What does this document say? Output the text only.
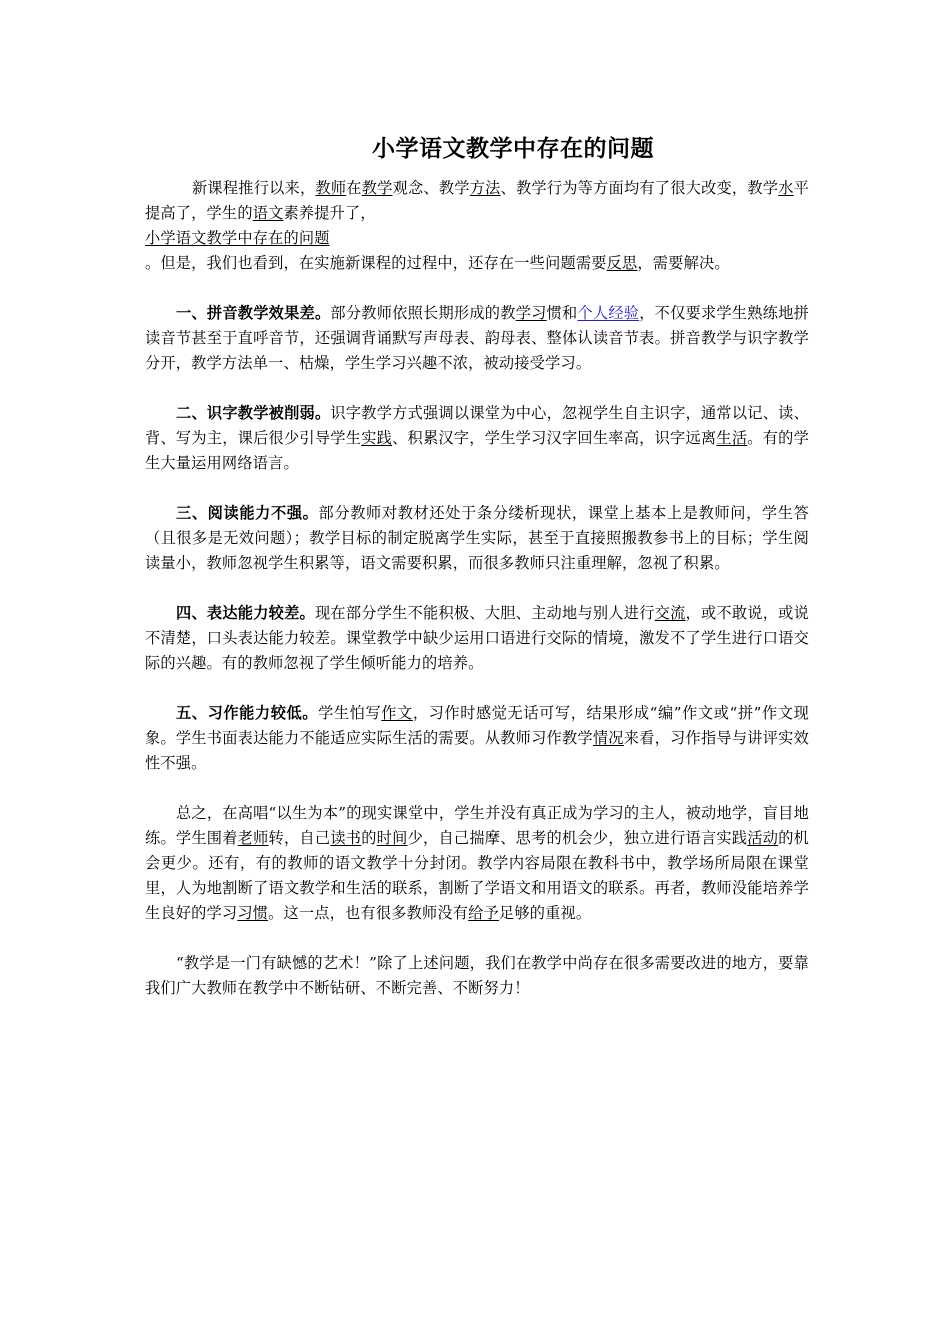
小学语文教学中存在的问题

新课程推行以来，教师在教学观念、教学方法、教学行为等方面均有了很大改变，教学水平提高了，学生的语文素养提升了，

小学语文教学中存在的问题

。但是，我们也看到，在实施新课程的过程中，还存在一些问题需要反思，需要解决。

一、拼音教学效果差。部分教师依照长期形成的教学习惯和个人经验，不仅要求学生熟练地拼读音节甚至于直呼音节，还强调背诵默写声母表、韵母表、整体认读音节表。拼音教学与识字教学分开，教学方法单一、枯燥，学生学习兴趣不浓，被动接受学习。

二、识字教学被削弱。识字教学方式强调以课堂为中心，忽视学生自主识字，通常以记、读、背、写为主，课后很少引导学生实践、积累汉字，学生学习汉字回生率高，识字远离生活。有的学生大量运用网络语言。

三、阅读能力不强。部分教师对教材还处于条分缕析现状，课堂上基本上是教师问，学生答（且很多是无效问题）；教学目标的制定脱离学生实际，甚至于直接照搬教参书上的目标；学生阅读量小，教师忽视学生积累等，语文需要积累，而很多教师只注重理解，忽视了积累。

四、表达能力较差。现在部分学生不能积极、大胆、主动地与别人进行交流，或不敢说，或说不清楚，口头表达能力较差。课堂教学中缺少运用口语进行交际的情境，激发不了学生进行口语交际的兴趣。有的教师忽视了学生倾听能力的培养。

五、习作能力较低。学生怕写作文，习作时感觉无话可写，结果形成“编”作文或“拼”作文现象。学生书面表达能力不能适应实际生活的需要。从教师习作教学情况来看，习作指导与讲评实效性不强。

总之，在高唱“以生为本”的现实课堂中，学生并没有真正成为学习的主人，被动地学，盲目地练。学生围着老师转，自己读书的时间少，自己揣摩、思考的机会少，独立进行语言实践活动的机会更少。还有，有的教师的语文教学十分封闭。教学内容局限在教科书中，教学场所局限在课堂里，人为地割断了语文教学和生活的联系，割断了学语文和用语文的联系。再者，教师没能培养学生良好的学习习惯。这一点，也有很多教师没有给予足够的重视。

“教学是一门有缺憾的艺术！”除了上述问题，我们在教学中尚存在很多需要改进的地方，要靠我们广大教师在教学中不断钻研、不断完善、不断努力！
